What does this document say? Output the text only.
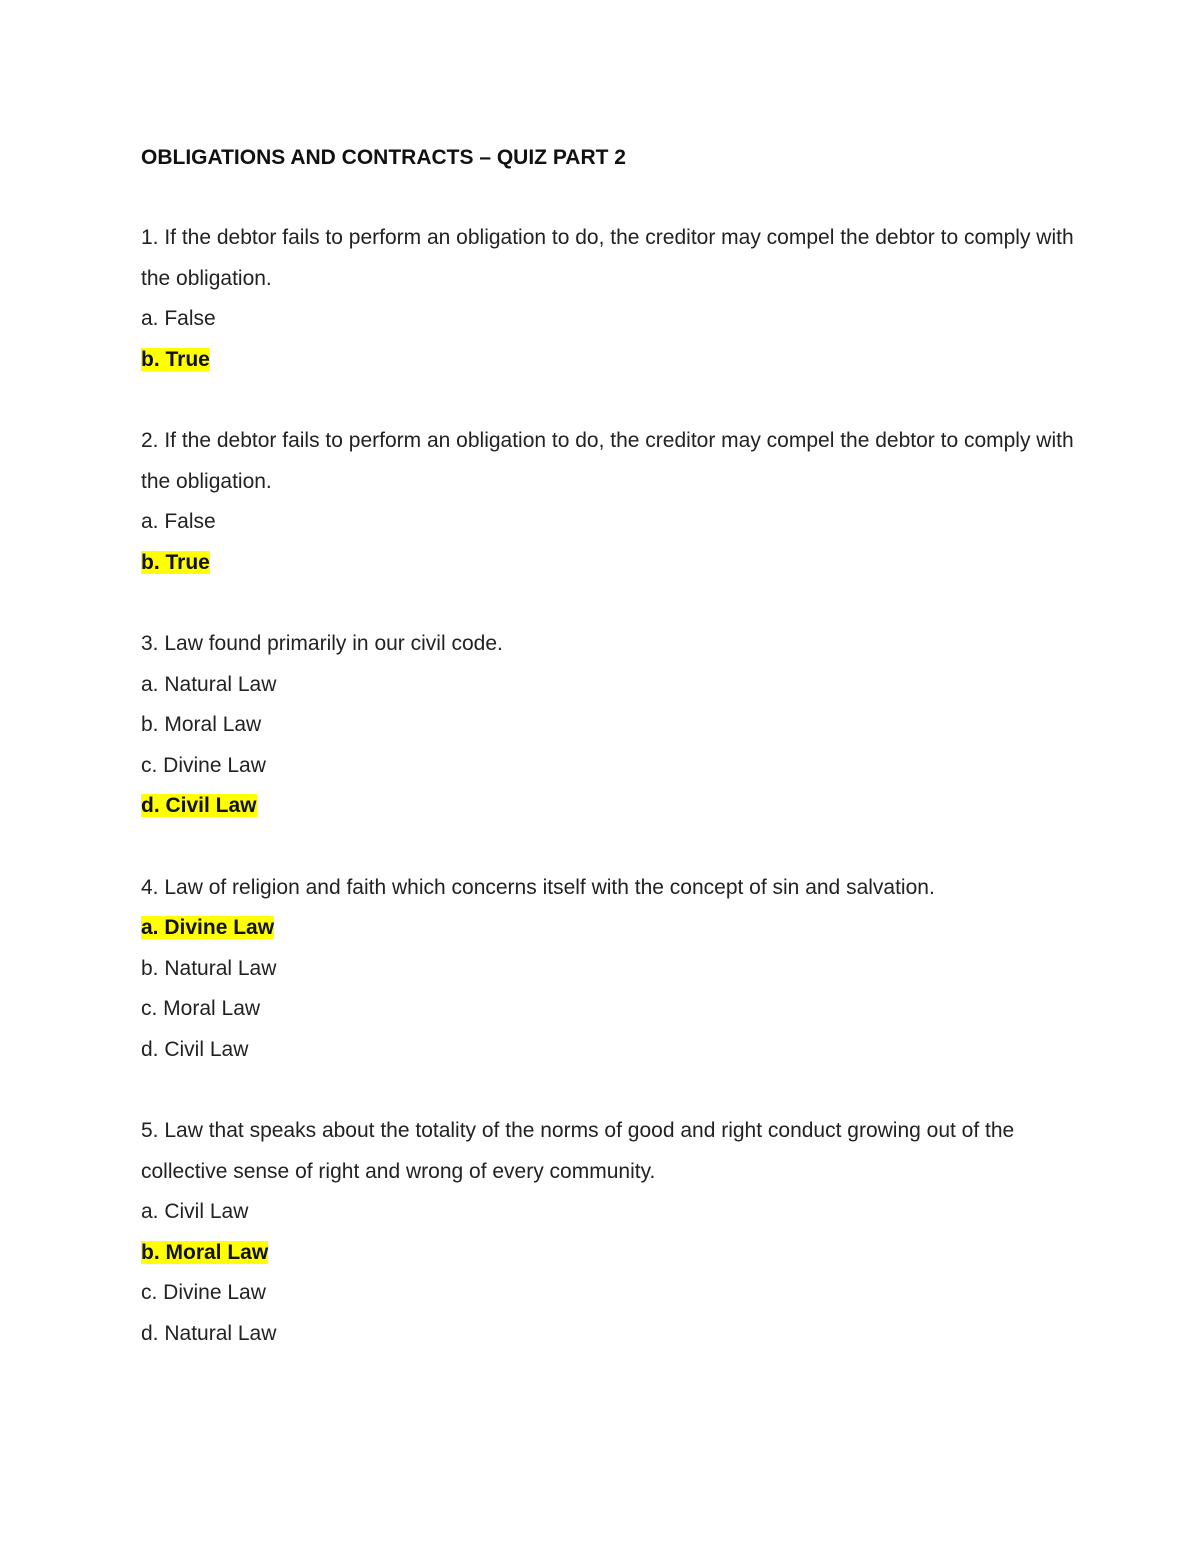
OBLIGATIONS AND CONTRACTS – QUIZ PART 2

1. If the debtor fails to perform an obligation to do, the creditor may compel the debtor to comply with the obligation.

a. False

b. True

2. If the debtor fails to perform an obligation to do, the creditor may compel the debtor to comply with the obligation.

a. False

b. True

3. Law found primarily in our civil code.

a. Natural Law

b. Moral Law

c. Divine Law

d. Civil Law

4. Law of religion and faith which concerns itself with the concept of sin and salvation.

a. Divine Law

b. Natural Law

c. Moral Law

d. Civil Law

5. Law that speaks about the totality of the norms of good and right conduct growing out of the collective sense of right and wrong of every community.

a. Civil Law

b. Moral Law

c. Divine Law

d. Natural Law
